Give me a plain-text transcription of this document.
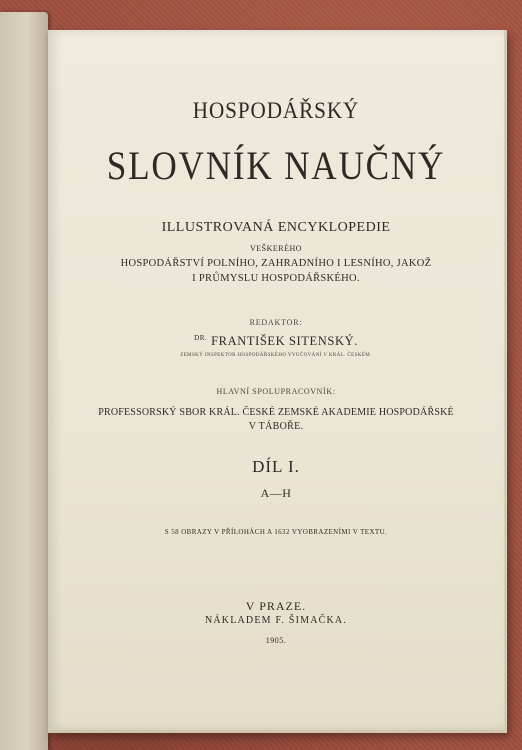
HOSPODÁŘSKÝ
SLOVNÍK NAUČNÝ
ILLUSTROVANÁ ENCYKLOPEDIE
VEŠKERÉHO
HOSPODÁŘSTVÍ POLNÍHO, ZAHRADNÍHO I LESNÍHO, JAKOŽ
I PRŮMYSLU HOSPODÁŘSKÉHO.
REDAKTOR:
$^{DR.}$ FRANTIŠEK SITENSKÝ.
ZEMSKÝ INSPEKTOR HOSPODÁŘSKÉHO VYUČOVÁNÍ V KRÁL. ČESKÉM.
HLAVNÍ SPOLUPRACOVNÍK:
PROFESSORSKÝ SBOR KRÁL. ČESKÉ ZEMSKÉ AKADEMIE HOSPODÁŘSKÉ
V TÁBOŘE.
DÍL I.
A—H
S 58 OBRAZY V PŘÍLOHÁCH A 1632 VYOBRAZENÍMI V TEXTU.
V PRAZE.
NÁKLADEM F. ŠIMAČKA.
1905.
